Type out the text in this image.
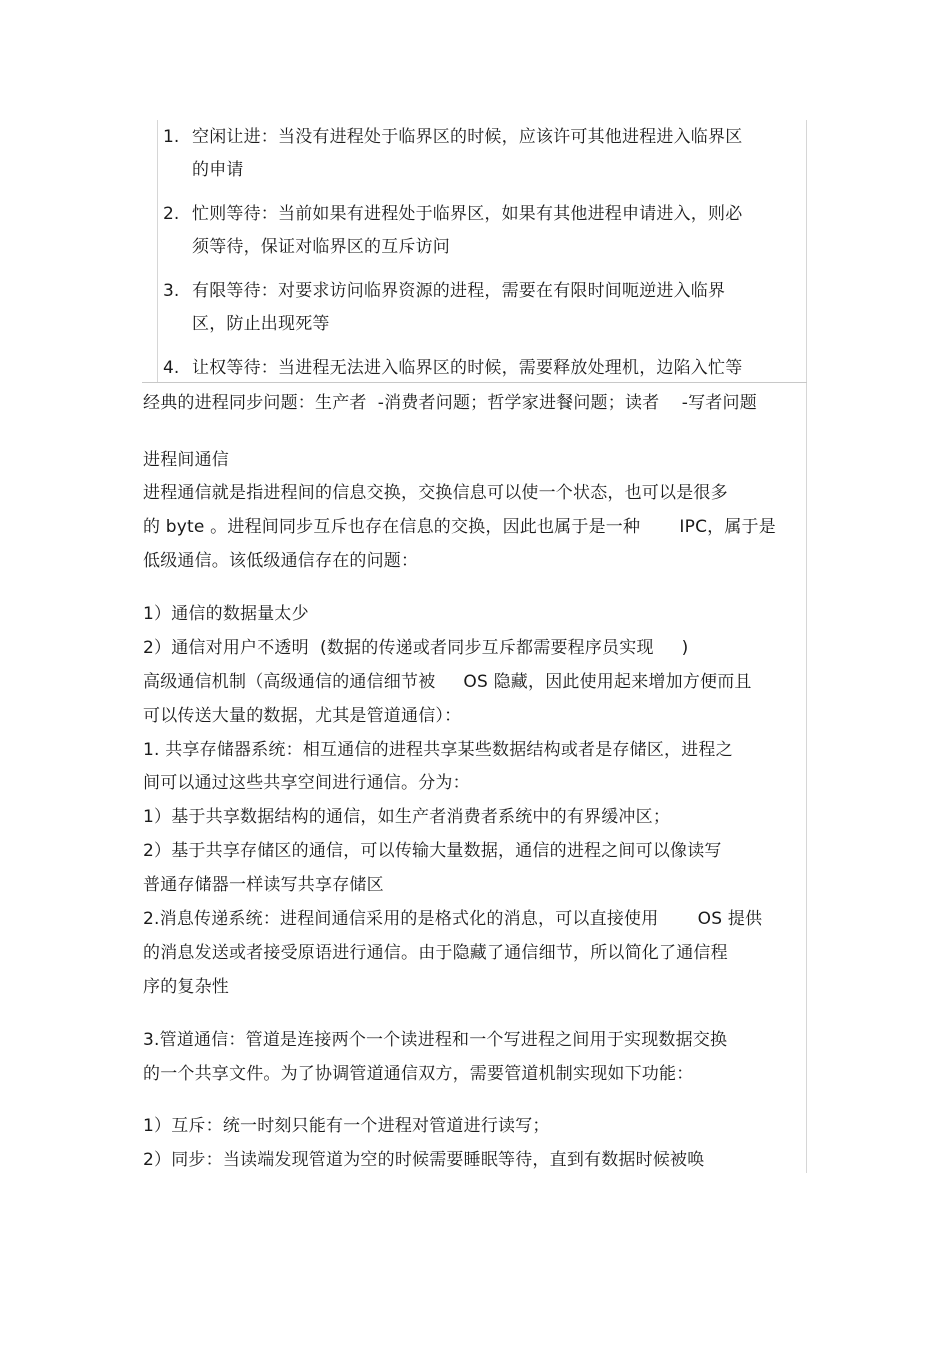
1. 空闲让进：当没有进程处于临界区的时候，应该许可其他进程进入临界区
的申请
2. 忙则等待：当前如果有进程处于临界区，如果有其他进程申请进入，则必
须等待，保证对临界区的互斥访问
3. 有限等待：对要求访问临界资源的进程，需要在有限时间呃逆进入临界
区，防止出现死等
4. 让权等待：当进程无法进入临界区的时候，需要释放处理机，边陷入忙等
经典的进程同步问题：生产者  -消费者问题；哲学家进餐问题；读者    -写者问题
进程间通信
进程通信就是指进程间的信息交换，交换信息可以使一个状态，也可以是很多
的 byte 。进程间同步互斥也存在信息的交换，因此也属于是一种       IPC，属于是
低级通信。该低级通信存在的问题：
1）通信的数据量太少
2）通信对用户不透明  (数据的传递或者同步互斥都需要程序员实现     )
高级通信机制（高级通信的通信细节被     OS 隐藏，因此使用起来增加方便而且
可以传送大量的数据，尤其是管道通信）：
1. 共享存储器系统：相互通信的进程共享某些数据结构或者是存储区，进程之
间可以通过这些共享空间进行通信。分为：
1）基于共享数据结构的通信，如生产者消费者系统中的有界缓冲区；
2）基于共享存储区的通信，可以传输大量数据，通信的进程之间可以像读写
普通存储器一样读写共享存储区
2.消息传递系统：进程间通信采用的是格式化的消息，可以直接使用       OS 提供
的消息发送或者接受原语进行通信。由于隐藏了通信细节，所以简化了通信程
序的复杂性
3.管道通信：管道是连接两个一个读进程和一个写进程之间用于实现数据交换
的一个共享文件。为了协调管道通信双方，需要管道机制实现如下功能：
1）互斥：统一时刻只能有一个进程对管道进行读写；
2）同步：当读端发现管道为空的时候需要睡眠等待，直到有数据时候被唤
